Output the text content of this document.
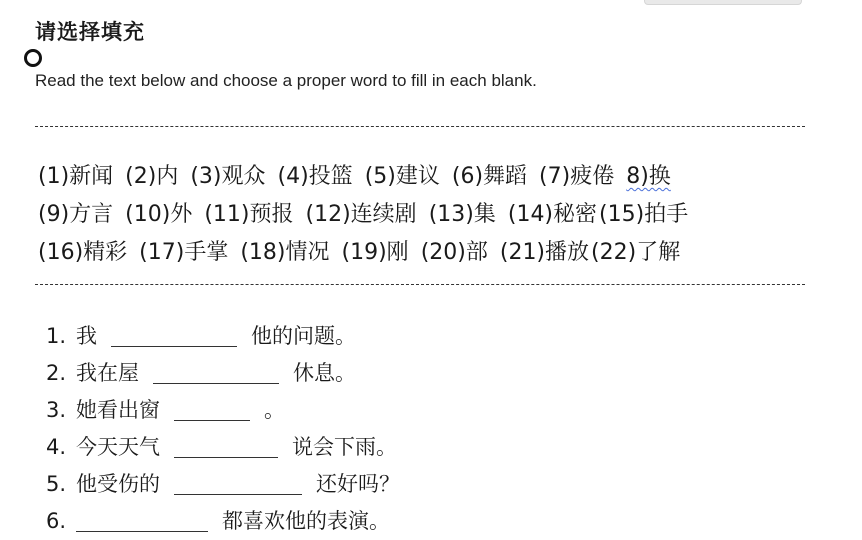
请选择填充
Read the text below and choose a proper word to fill in each blank.
(1)新闻 (2)内 (3)观众 (4)投篮 (5)建议 (6)舞蹈 (7)疲倦 8)换
(9)方言 (10)外 (11)预报 (12)连续剧 (13)集 (14)秘密(15)拍手
(16)精彩 (17)手掌 (18)情况 (19)刚 (20)部 (21)播放(22)了解
1. 我	他的问题。
2. 我在屋	休息。
3. 她看出窗	。
4. 今天天气	说会下雨。
5. 他受伤的	还好吗？
6.	都喜欢他的表演。
